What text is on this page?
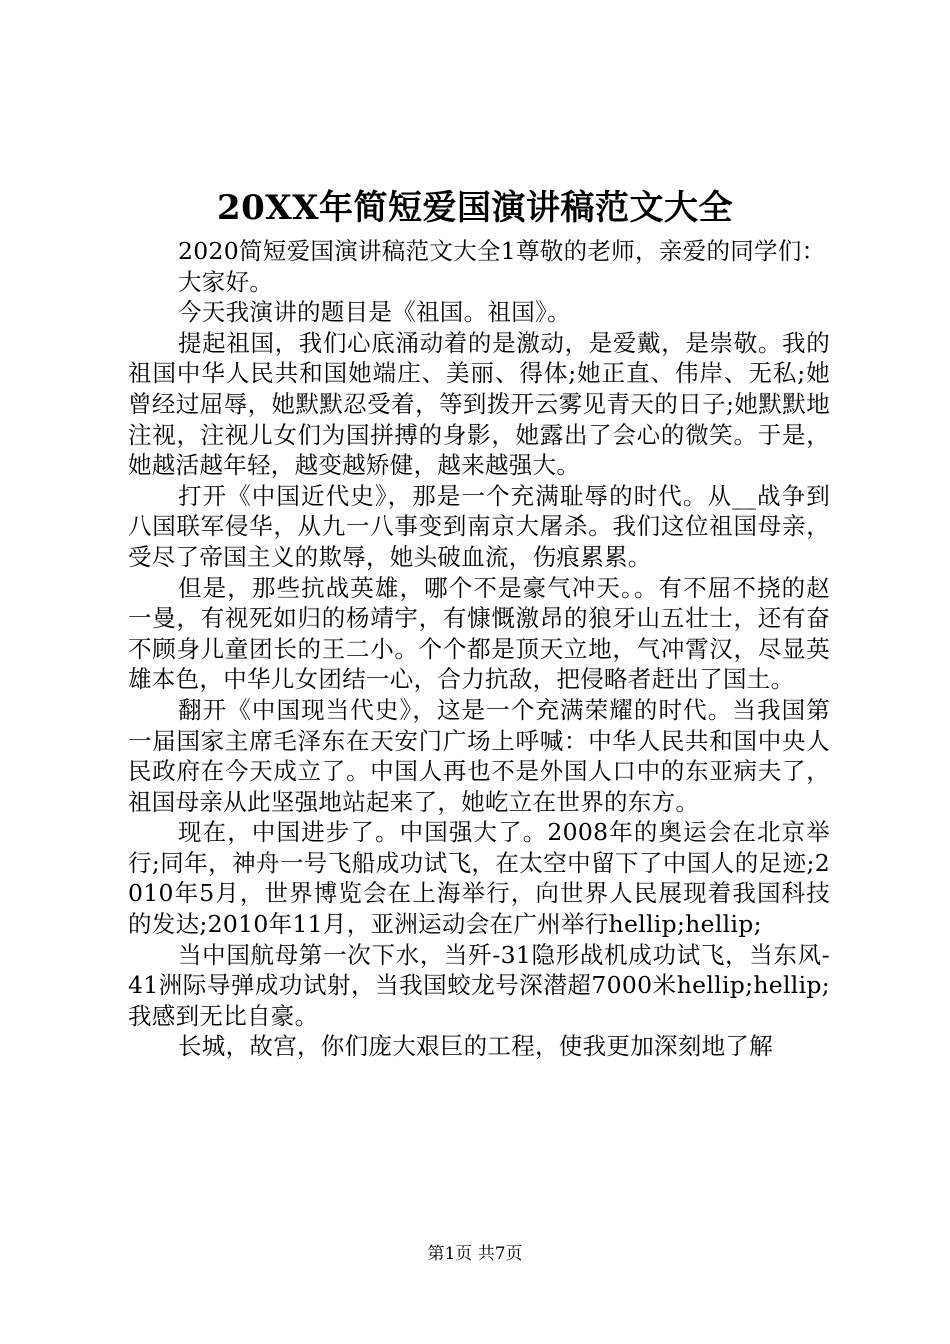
20XX年简短爱国演讲稿范文大全

2020简短爱国演讲稿范文大全1尊敬的老师，亲爱的同学们：

大家好。

今天我演讲的题目是《祖国。祖国》。

提起祖国，我们心底涌动着的是激动，是爱戴，是崇敬。我的祖国中华人民共和国她端庄、美丽、得体;她正直、伟岸、无私;她曾经过屈辱，她默默忍受着，等到拨开云雾见青天的日子;她默默地注视，注视儿女们为国拼搏的身影，她露出了会心的微笑。于是，她越活越年轻，越变越矫健，越来越强大。

打开《中国近代史》，那是一个充满耻辱的时代。从__战争到八国联军侵华，从九一八事变到南京大屠杀。我们这位祖国母亲，受尽了帝国主义的欺辱，她头破血流，伤痕累累。

但是，那些抗战英雄，哪个不是豪气冲天。。有不屈不挠的赵一曼，有视死如归的杨靖宇，有慷慨激昂的狼牙山五壮士，还有奋不顾身儿童团长的王二小。个个都是顶天立地，气冲霄汉，尽显英雄本色，中华儿女团结一心，合力抗敌，把侵略者赶出了国土。

翻开《中国现当代史》，这是一个充满荣耀的时代。当我国第一届国家主席毛泽东在天安门广场上呼喊：中华人民共和国中央人民政府在今天成立了。中国人再也不是外国人口中的东亚病夫了，祖国母亲从此坚强地站起来了，她屹立在世界的东方。

现在，中国进步了。中国强大了。2008年的奥运会在北京举行;同年，神舟一号飞船成功试飞，在太空中留下了中国人的足迹;2010年5月，世界博览会在上海举行，向世界人民展现着我国科技的发达;2010年11月，亚洲运动会在广州举行hellip;hellip;

当中国航母第一次下水，当歼-31隐形战机成功试飞，当东风-41洲际导弹成功试射，当我国蛟龙号深潜超7000米hellip;hellip;我感到无比自豪。

长城，故宫，你们庞大艰巨的工程，使我更加深刻地了解

第1页 共7页
